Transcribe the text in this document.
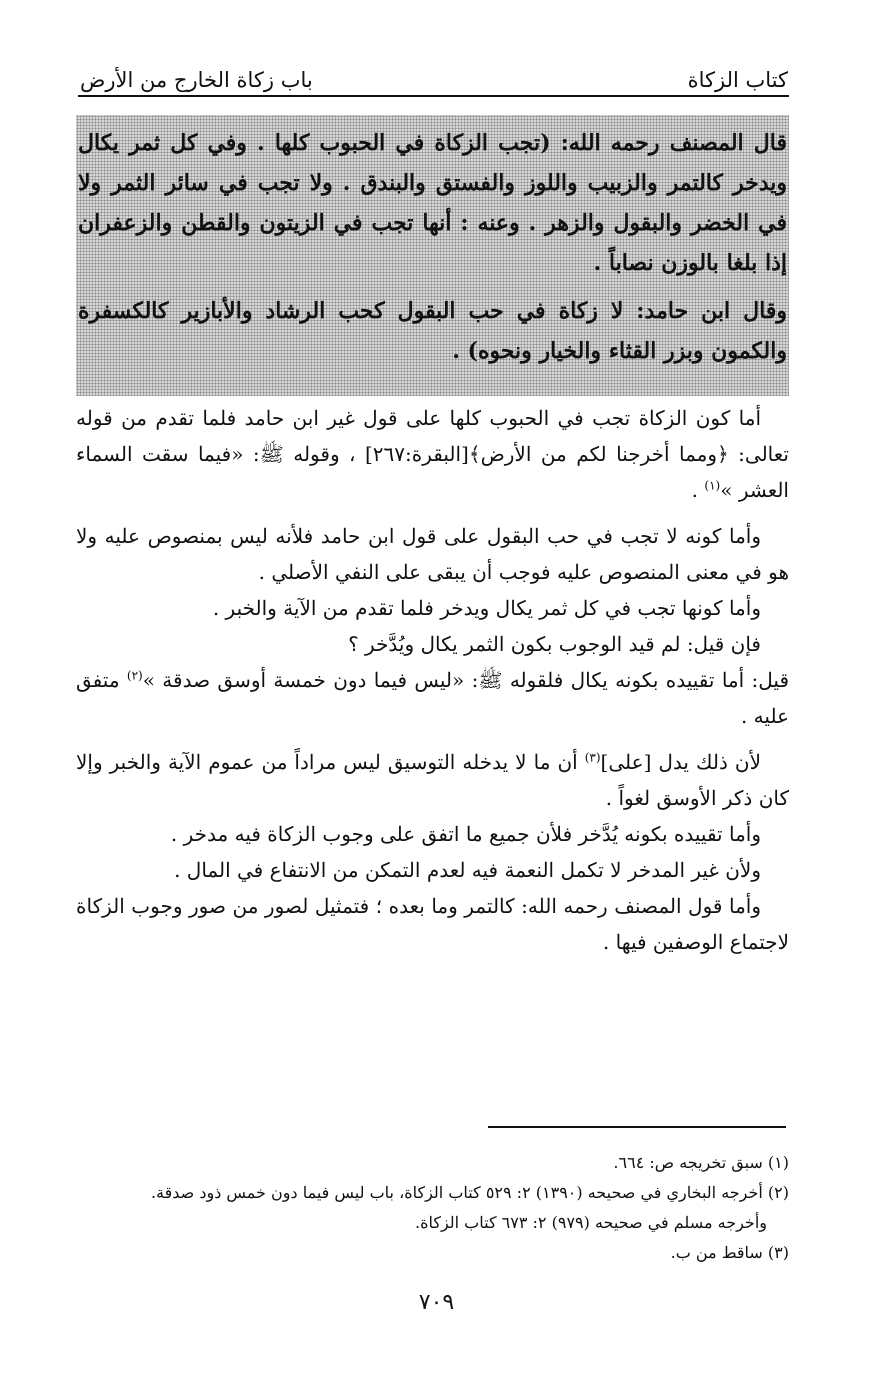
كتاب الزكاة
باب زكاة الخارج من الأرض

قال المصنف رحمه الله: (تجب الزكاة في الحبوب كلها . وفي كل ثمر يكال ويدخر كالتمر والزبيب واللوز والفستق والبندق . ولا تجب في سائر الثمر ولا في الخضر والبقول والزهر . وعنه : أنها تجب في الزيتون والقطن والزعفران إذا بلغا بالوزن نصاباً .

وقال ابن حامد: لا زكاة في حب البقول كحب الرشاد والأبازير كالكسفرة والكمون وبزر القثاء والخيار ونحوه) .

أما كون الزكاة تجب في الحبوب كلها على قول غير ابن حامد فلما تقدم من قوله تعالى: ﴿ومما أخرجنا لكم من الأرض﴾[البقرة:٢٦٧] ، وقوله ﷺ: «فيما سقت السماء العشر »$^{(١)}$ .

وأما كونه لا تجب في حب البقول على قول ابن حامد فلأنه ليس بمنصوص عليه ولا هو في معنى المنصوص عليه فوجب أن يبقى على النفي الأصلي .

وأما كونها تجب في كل ثمر يكال ويدخر فلما تقدم من الآية والخبر .

فإن قيل: لم قيد الوجوب بكون الثمر يكال ويُدَّخر ؟

قيل: أما تقييده بكونه يكال فلقوله ﷺ: «ليس فيما دون خمسة أوسق صدقة »$^{(٢)}$ متفق عليه .

لأن ذلك يدل [على]$^{(٣)}$ أن ما لا يدخله التوسيق ليس مراداً من عموم الآية والخبر وإلا كان ذكر الأوسق لغواً .

وأما تقييده بكونه يُدَّخر فلأن جميع ما اتفق على وجوب الزكاة فيه مدخر .

ولأن غير المدخر لا تكمل النعمة فيه لعدم التمكن من الانتفاع في المال .

وأما قول المصنف رحمه الله: كالتمر وما بعده ؛ فتمثيل لصور من صور وجوب الزكاة لاجتماع الوصفين فيها .

(١) سبق تخريجه ص: ٦٦٤.

(٢) أخرجه البخاري في صحيحه (١٣٩٠) ٢: ٥٢٩ كتاب الزكاة، باب ليس فيما دون خمس ذود صدقة.

وأخرجه مسلم في صحيحه (٩٧٩) ٢: ٦٧٣ كتاب الزكاة.

(٣) ساقط من ب.

٧٠٩
